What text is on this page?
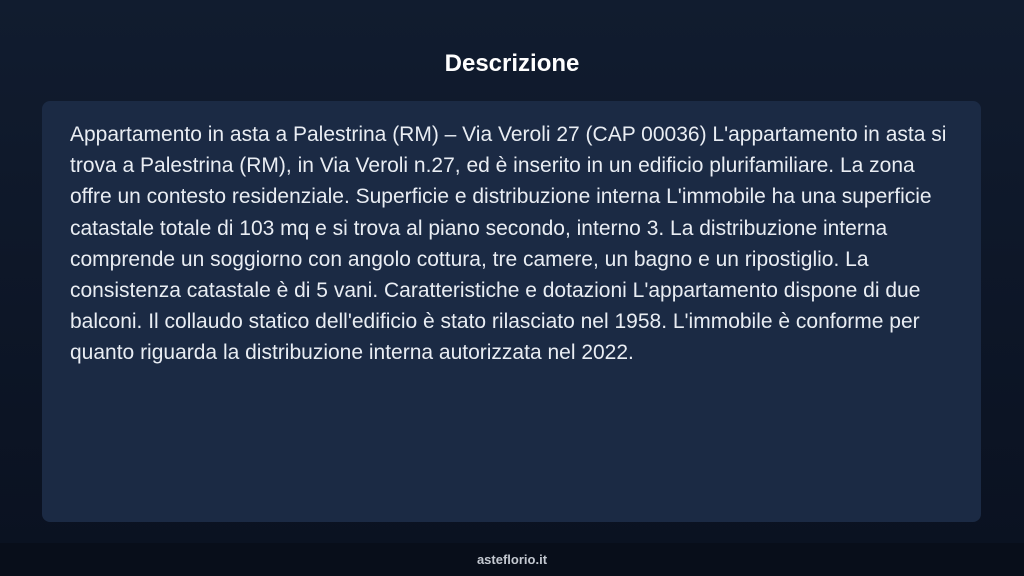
Descrizione

Appartamento in asta a Palestrina (RM) – Via Veroli 27 (CAP 00036) L'appartamento in asta si trova a Palestrina (RM), in Via Veroli n.27, ed è inserito in un edificio plurifamiliare. La zona offre un contesto residenziale. Superficie e distribuzione interna L'immobile ha una superficie catastale totale di 103 mq e si trova al piano secondo, interno 3. La distribuzione interna comprende un soggiorno con angolo cottura, tre camere, un bagno e un ripostiglio. La consistenza catastale è di 5 vani. Caratteristiche e dotazioni L'appartamento dispone di due balconi. Il collaudo statico dell'edificio è stato rilasciato nel 1958. L'immobile è conforme per quanto riguarda la distribuzione interna autorizzata nel 2022.

asteflorio.it
